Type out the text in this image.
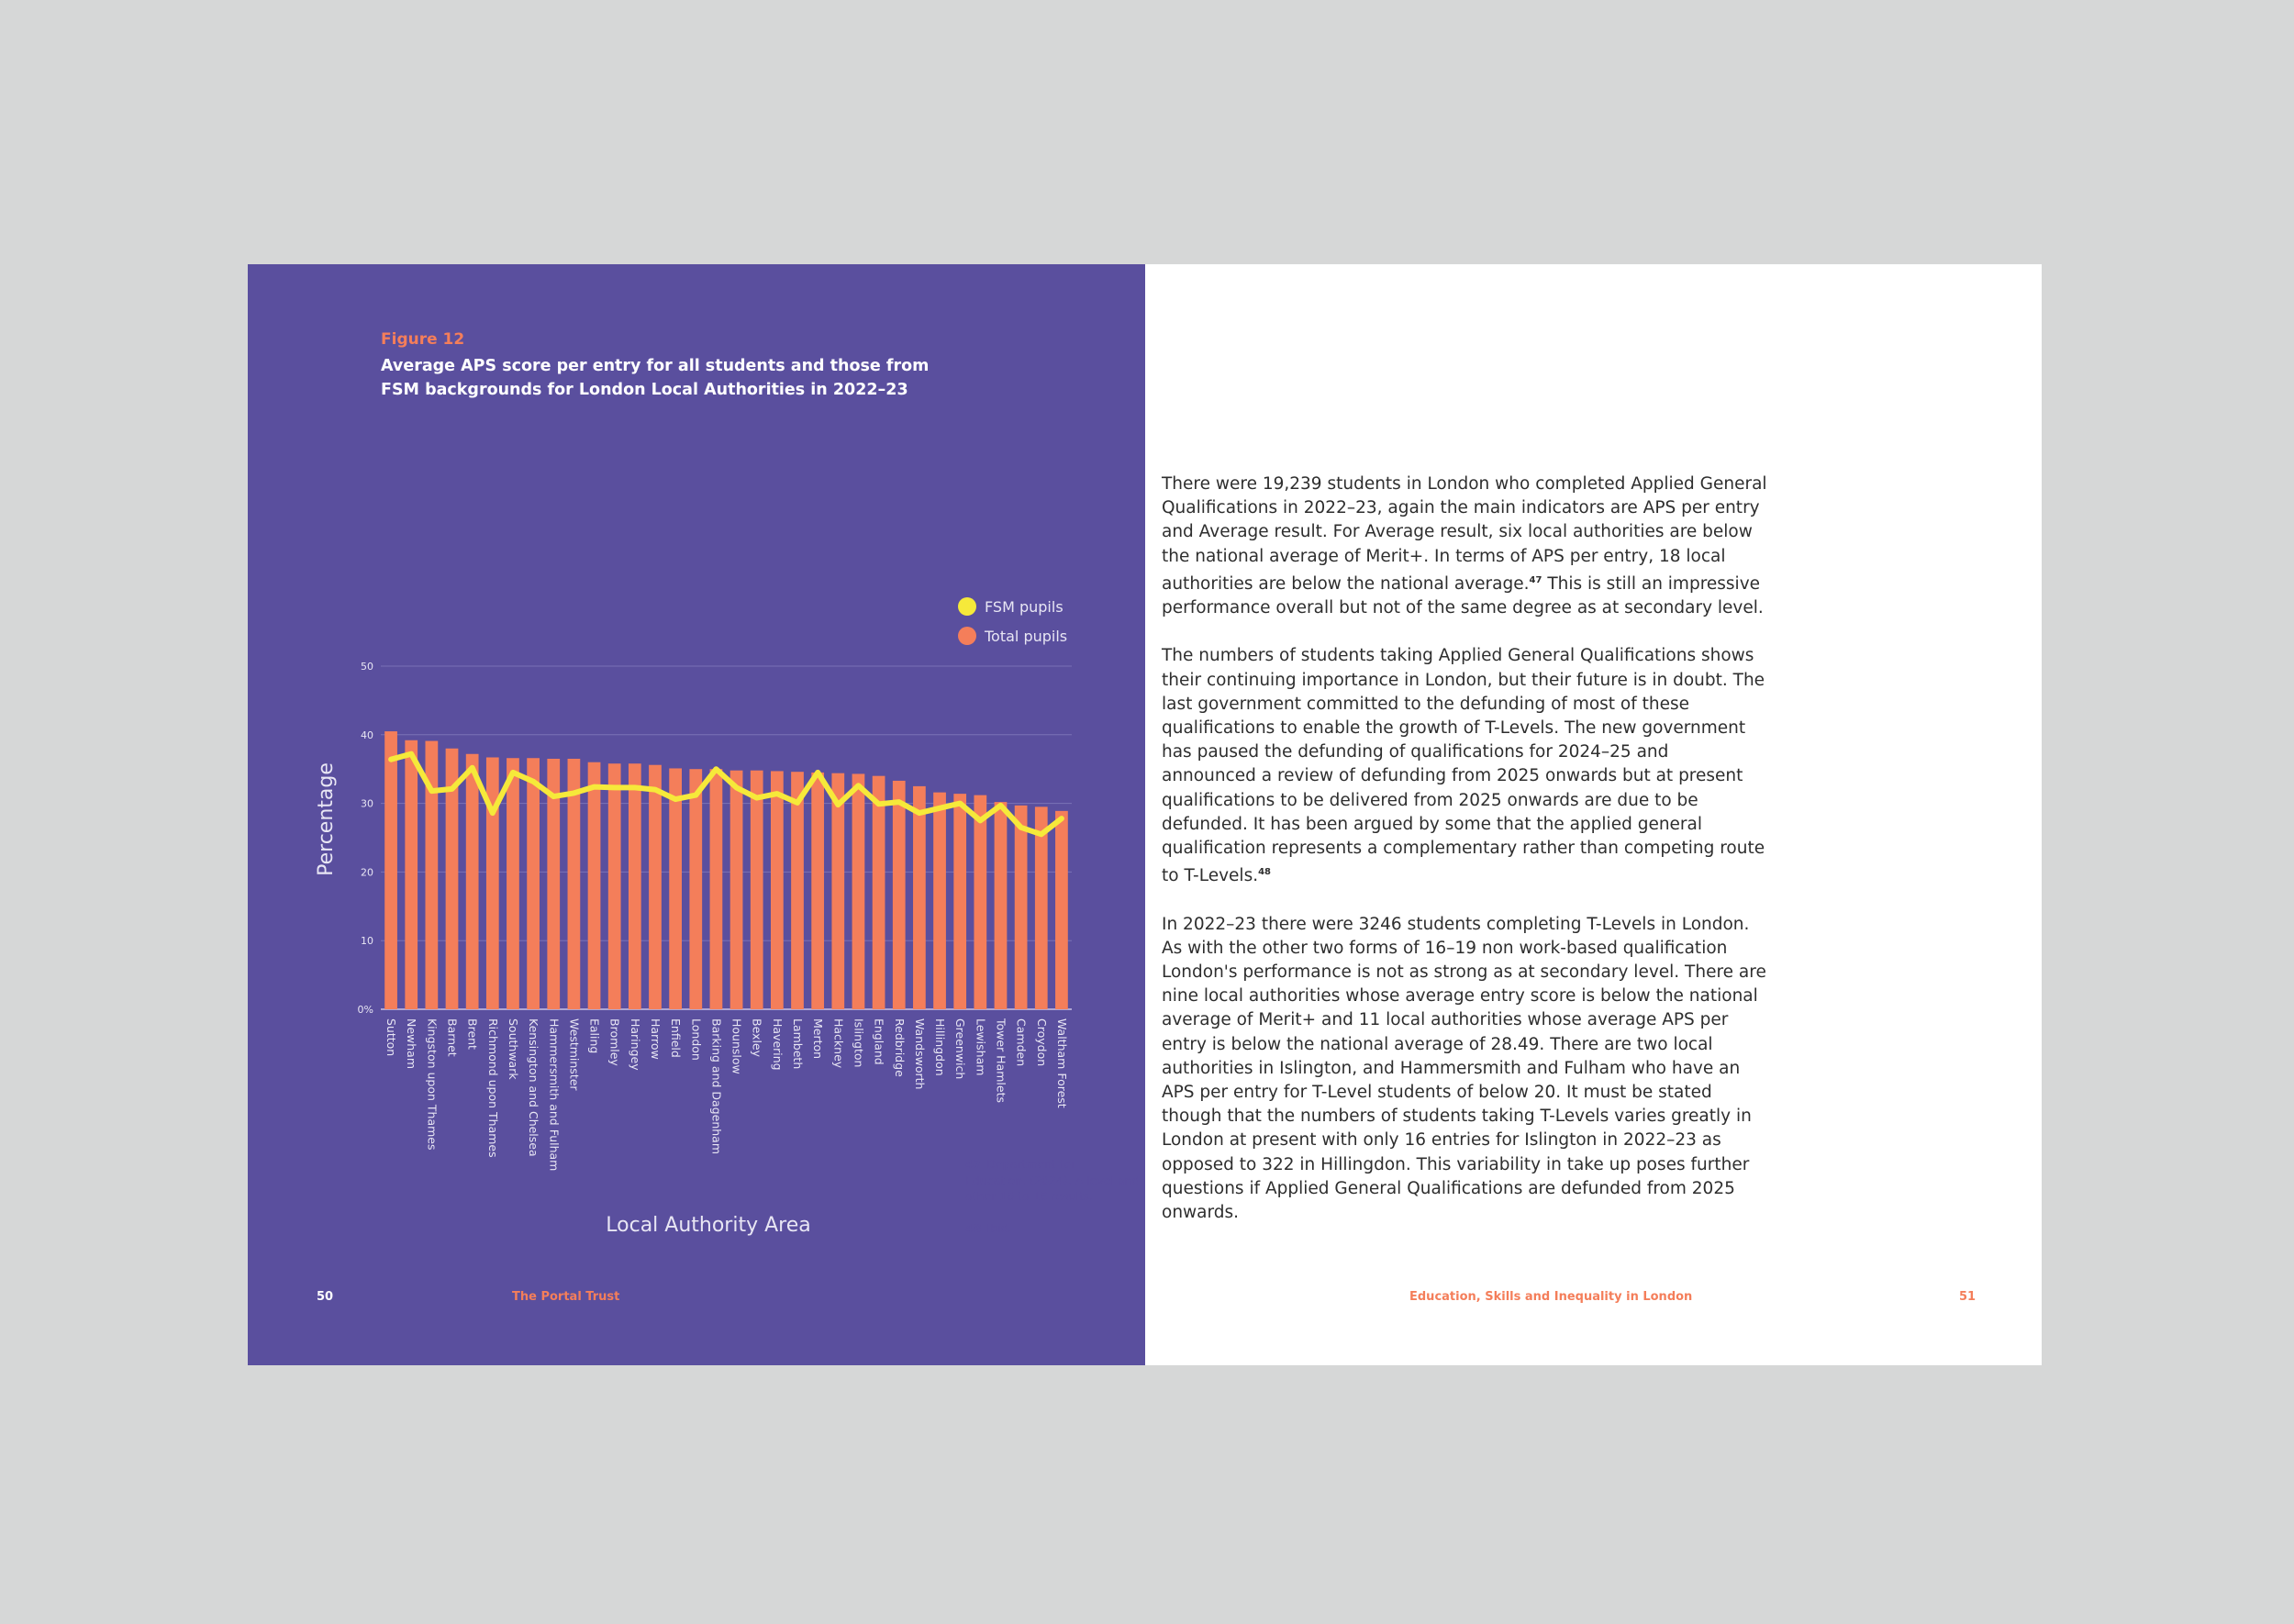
Figure 12
Average APS score per entry for all students and those from FSM backgrounds for London Local Authorities in 2022–23
0%
10
20
30
40
50
Sutton Newham Kingston upon Thames Barnet Brent Richmond upon Thames Southwark Kensington and Chelsea Hammersmith and Fulham Westminster Ealing Bromley Haringey Harrow Enfield London Barking and Dagenham Hounslow Bexley Havering Lambeth Merton Hackney Islington England Redbridge Wandsworth Hillingdon Greenwich Lewisham Tower Hamlets Camden Croydon Waltham Forest
Percentage
Local Authority Area
FSM pupils
Total pupils
50	The Portal Trust

There were 19,239 students in London who completed Applied General Qualifications in 2022–23, again the main indicators are APS per entry and Average result. For Average result, six local authorities are below the national average of Merit+. In terms of APS per entry, 18 local authorities are below the national average.$^{47}$ This is still an impressive performance overall but not of the same degree as at secondary level.

The numbers of students taking Applied General Qualifications shows their continuing importance in London, but their future is in doubt. The last government committed to the defunding of most of these qualifications to enable the growth of T-Levels. The new government has paused the defunding of qualifications for 2024–25 and announced a review of defunding from 2025 onwards but at present qualifications to be delivered from 2025 onwards are due to be defunded. It has been argued by some that the applied general qualification represents a complementary rather than competing route to T-Levels.$^{48}$

In 2022–23 there were 3246 students completing T-Levels in London. As with the other two forms of 16–19 non work-based qualification London's performance is not as strong as at secondary level. There are nine local authorities whose average entry score is below the national average of Merit+ and 11 local authorities whose average APS per entry is below the national average of 28.49. There are two local authorities in Islington, and Hammersmith and Fulham who have an APS per entry for T-Level students of below 20. It must be stated though that the numbers of students taking T-Levels varies greatly in London at present with only 16 entries for Islington in 2022–23 as opposed to 322 in Hillingdon. This variability in take up poses further questions if Applied General Qualifications are defunded from 2025 onwards.

47 Department for Education. (2024). A level and other 16 to 18 results.
48 Ibid.
Education, Skills and Inequality in London	51
